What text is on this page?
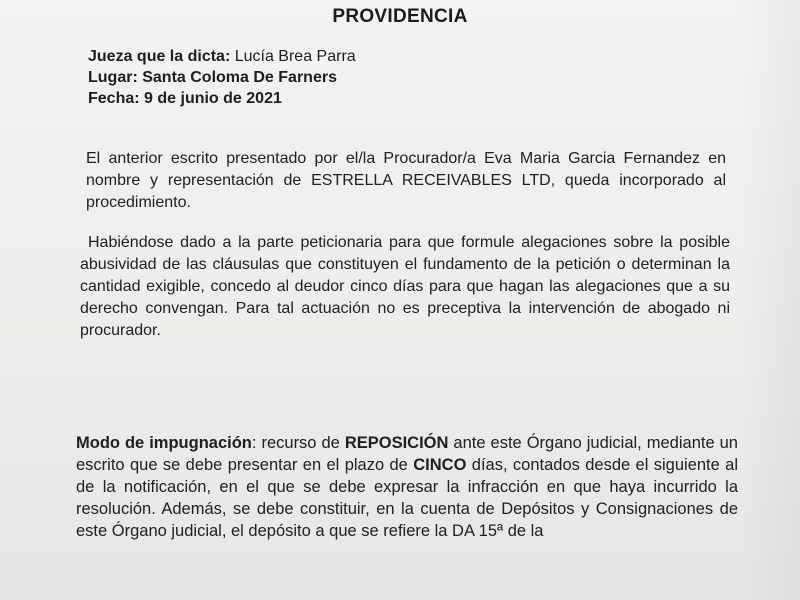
PROVIDENCIA
Jueza que la dicta: Lucía Brea Parra
Lugar: Santa Coloma De Farners
Fecha: 9 de junio de 2021
El anterior escrito presentado por el/la Procurador/a Eva Maria Garcia Fernandez en nombre y representación de ESTRELLA RECEIVABLES LTD, queda incorporado al procedimiento.
Habiéndose dado a la parte peticionaria para que formule alegaciones sobre la posible abusividad de las cláusulas que constituyen el fundamento de la petición o determinan la cantidad exigible, concedo al deudor cinco días para que hagan las alegaciones que a su derecho convengan. Para tal actuación no es preceptiva la intervención de abogado ni procurador.
Modo de impugnación: recurso de REPOSICIÓN ante este Órgano judicial, mediante un escrito que se debe presentar en el plazo de CINCO días, contados desde el siguiente al de la notificación, en el que se debe expresar la infracción en que haya incurrido la resolución. Además, se debe constituir, en la cuenta de Depósitos y Consignaciones de este Órgano judicial, el depósito a que se refiere la DA 15ª de la
